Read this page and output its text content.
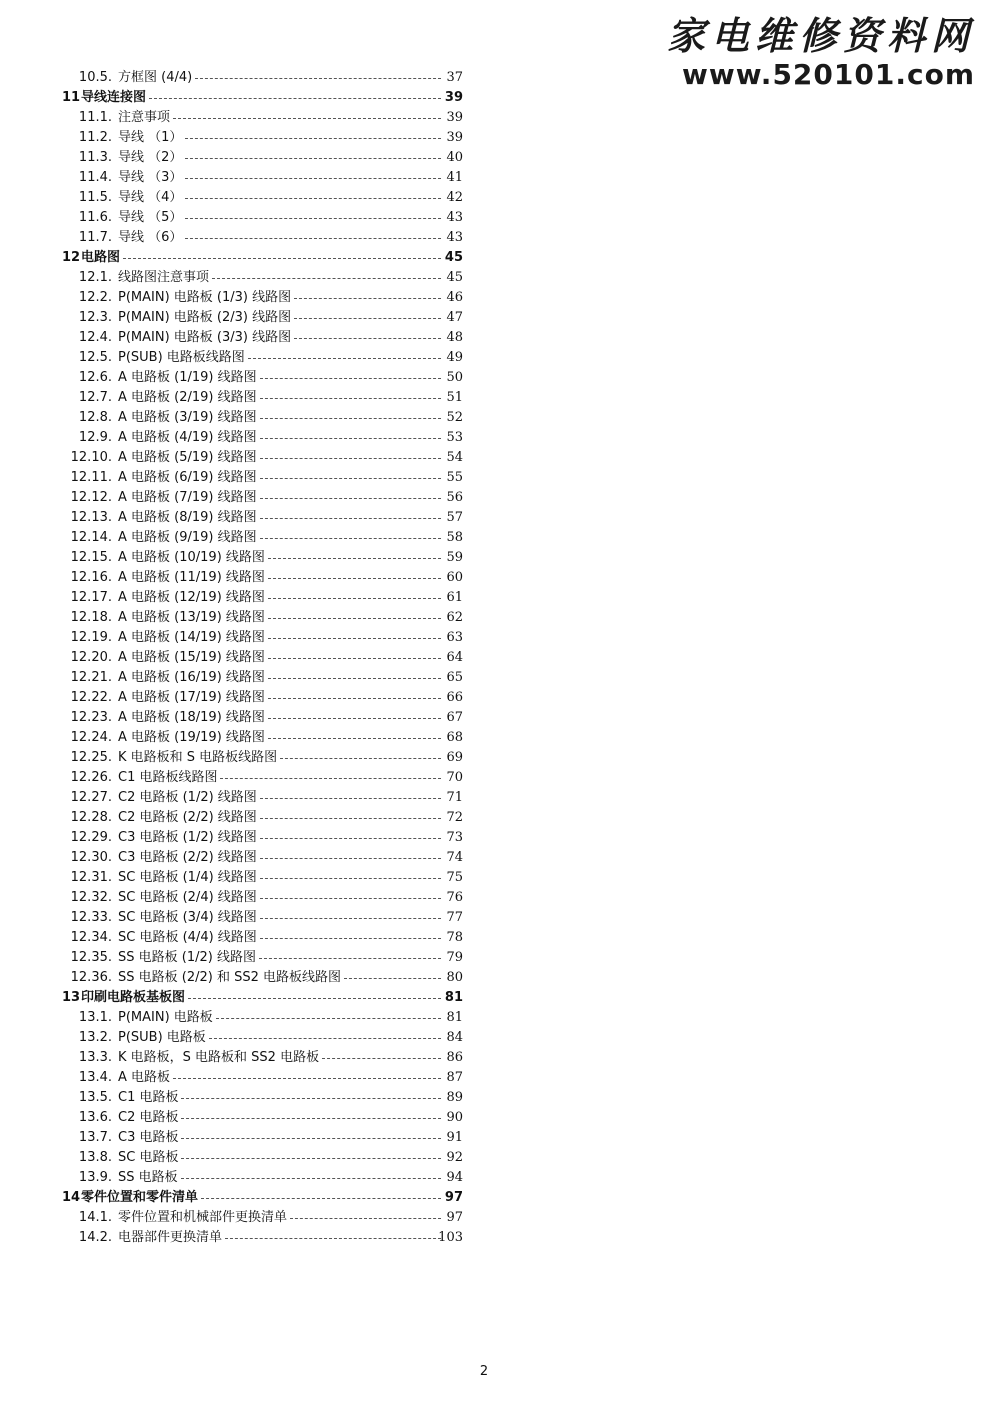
家电维修资料网
www.520101.com
10.5. 方框图 (4/4)	37
11 导线连接图	39
11.1. 注意事项	39
11.2. 导线 （1）	39
11.3. 导线 （2）	40
11.4. 导线 （3）	41
11.5. 导线 （4）	42
11.6. 导线 （5）	43
11.7. 导线 （6）	43
12 电路图	45
12.1. 线路图注意事项	45
12.2. P(MAIN) 电路板 (1/3) 线路图	46
12.3. P(MAIN) 电路板 (2/3) 线路图	47
12.4. P(MAIN) 电路板 (3/3) 线路图	48
12.5. P(SUB) 电路板线路图	49
12.6. A 电路板 (1/19) 线路图	50
12.7. A 电路板 (2/19) 线路图	51
12.8. A 电路板 (3/19) 线路图	52
12.9. A 电路板 (4/19) 线路图	53
12.10. A 电路板 (5/19) 线路图	54
12.11. A 电路板 (6/19) 线路图	55
12.12. A 电路板 (7/19) 线路图	56
12.13. A 电路板 (8/19) 线路图	57
12.14. A 电路板 (9/19) 线路图	58
12.15. A 电路板 (10/19) 线路图	59
12.16. A 电路板 (11/19) 线路图	60
12.17. A 电路板 (12/19) 线路图	61
12.18. A 电路板 (13/19) 线路图	62
12.19. A 电路板 (14/19) 线路图	63
12.20. A 电路板 (15/19) 线路图	64
12.21. A 电路板 (16/19) 线路图	65
12.22. A 电路板 (17/19) 线路图	66
12.23. A 电路板 (18/19) 线路图	67
12.24. A 电路板 (19/19) 线路图	68
12.25. K 电路板和 S 电路板线路图	69
12.26. C1 电路板线路图	70
12.27. C2 电路板 (1/2) 线路图	71
12.28. C2 电路板 (2/2) 线路图	72
12.29. C3 电路板 (1/2) 线路图	73
12.30. C3 电路板 (2/2) 线路图	74
12.31. SC 电路板 (1/4) 线路图	75
12.32. SC 电路板 (2/4) 线路图	76
12.33. SC 电路板 (3/4) 线路图	77
12.34. SC 电路板 (4/4) 线路图	78
12.35. SS 电路板 (1/2) 线路图	79
12.36. SS 电路板 (2/2) 和 SS2 电路板线路图	80
13 印刷电路板基板图	81
13.1. P(MAIN) 电路板	81
13.2. P(SUB) 电路板	84
13.3. K 电路板，S 电路板和 SS2 电路板	86
13.4. A 电路板	87
13.5. C1 电路板	89
13.6. C2 电路板	90
13.7. C3 电路板	91
13.8. SC 电路板	92
13.9. SS 电路板	94
14 零件位置和零件清单	97
14.1. 零件位置和机械部件更换清单	97
14.2. 电器部件更换清单	103
2
